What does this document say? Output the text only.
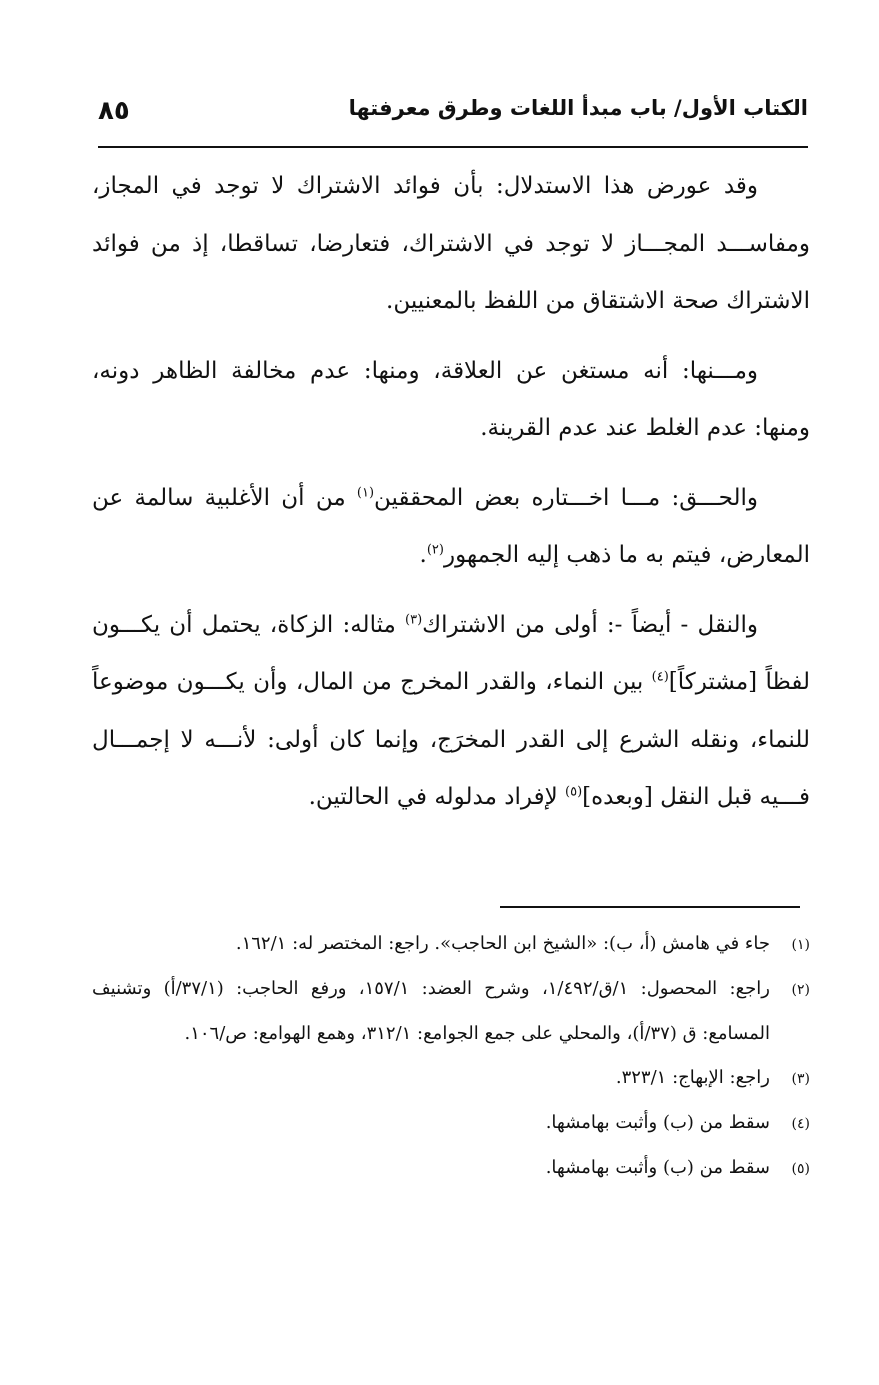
٨٥	الكتاب الأول/ باب مبدأ اللغات وطرق معرفتها

وقد عورض هذا الاستدلال: بأن فوائد الاشتراك لا توجد في المجاز، ومفاســـد المجـــاز لا توجد في الاشتراك، فتعارضا، تساقطا، إذ من فوائد الاشتراك صحة الاشتقاق من اللفظ بالمعنيين.

ومـــنها: أنه مستغن عن العلاقة، ومنها: عدم مخالفة الظاهر دونه، ومنها: عدم الغلط عند عدم القرينة.

والحـــق: مـــا اخـــتاره بعض المحققين$^{(١)}$ من أن الأغلبية سالمة عن المعارض، فيتم به ما ذهب إليه الجمهور$^{(٢)}$.

والنقل - أيضاً -: أولى من الاشتراك$^{(٣)}$ مثاله: الزكاة، يحتمل أن يكـــون لفظاً [مشتركاً]$^{(٤)}$ بين النماء، والقدر المخرج من المال، وأن يكـــون موضوعاً للنماء، ونقله الشرع إلى القدر المخرَج، وإنما كان أولى: لأنـــه لا إجمـــال فـــيه قبل النقل [وبعده]$^{(٥)}$ لإفراد مدلوله في الحالتين.

(١)جاء في هامش (أ، ب): «الشيخ ابن الحاجب». راجع: المختصر له: ١٦٢/١.

(٢)راجع: المحصول: ١/ق/١/٤٩٢، وشرح العضد: ١٥٧/١، ورفع الحاجب: (٣٧/١/أ) وتشنيف المسامع: ق (٣٧/أ)، والمحلي على جمع الجوامع: ٣١٢/١، وهمع الهوامع: ص/١٠٦.

(٣)راجع: الإبهاج: ٣٢٣/١.

(٤)سقط من (ب) وأثبت بهامشها.

(٥)سقط من (ب) وأثبت بهامشها.
